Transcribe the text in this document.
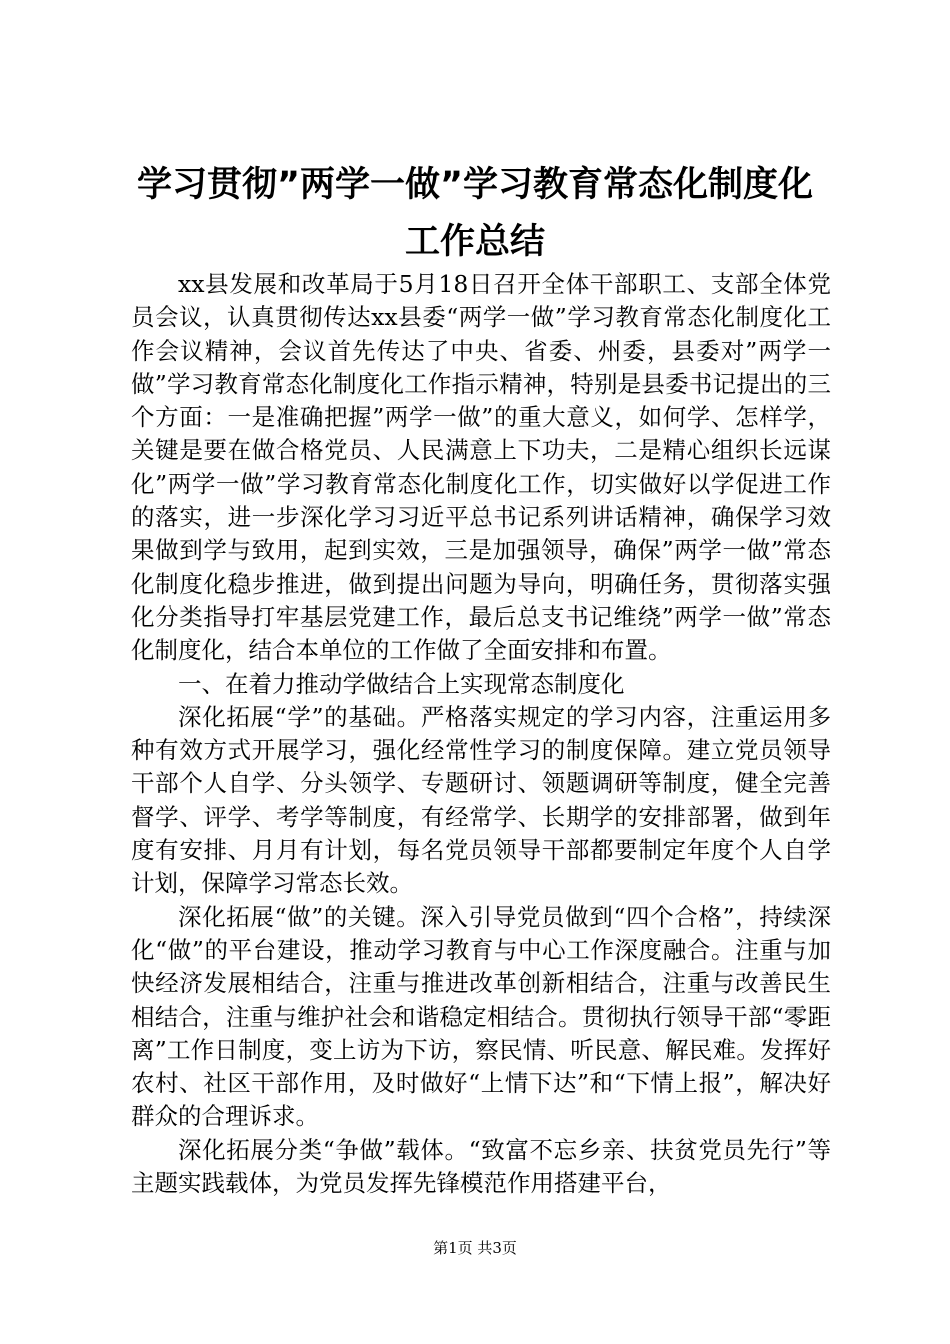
学习贯彻”两学一做”学习教育常态化制度化
工作总结

xx县发展和改革局于5月18日召开全体干部职工、支部全体党员会议，认真贯彻传达xx县委“两学一做”学习教育常态化制度化工作会议精神，会议首先传达了中央、省委、州委，县委对”两学一做”学习教育常态化制度化工作指示精神，特别是县委书记提出的三个方面：一是准确把握”两学一做”的重大意义，如何学、怎样学，关键是要在做合格党员、人民满意上下功夫，二是精心组织长远谋化”两学一做”学习教育常态化制度化工作，切实做好以学促进工作的落实，进一步深化学习习近平总书记系列讲话精神，确保学习效果做到学与致用，起到实效，三是加强领导，确保”两学一做”常态化制度化稳步推进，做到提出问题为导向，明确任务，贯彻落实强化分类指导打牢基层党建工作，最后总支书记维绕”两学一做”常态化制度化，结合本单位的工作做了全面安排和布置。

一、在着力推动学做结合上实现常态制度化

深化拓展“学”的基础。严格落实规定的学习内容，注重运用多种有效方式开展学习，强化经常性学习的制度保障。建立党员领导干部个人自学、分头领学、专题研讨、领题调研等制度，健全完善督学、评学、考学等制度，有经常学、长期学的安排部署，做到年度有安排、月月有计划，每名党员领导干部都要制定年度个人自学计划，保障学习常态长效。

深化拓展“做”的关键。深入引导党员做到“四个合格”，持续深化“做”的平台建设，推动学习教育与中心工作深度融合。注重与加快经济发展相结合，注重与推进改革创新相结合，注重与改善民生相结合，注重与维护社会和谐稳定相结合。贯彻执行领导干部“零距离”工作日制度，变上访为下访，察民情、听民意、解民难。发挥好农村、社区干部作用，及时做好“上情下达”和“下情上报”，解决好群众的合理诉求。

深化拓展分类“争做”载体。“致富不忘乡亲、扶贫党员先行”等主题实践载体，为党员发挥先锋模范作用搭建平台，

第1页 共3页
